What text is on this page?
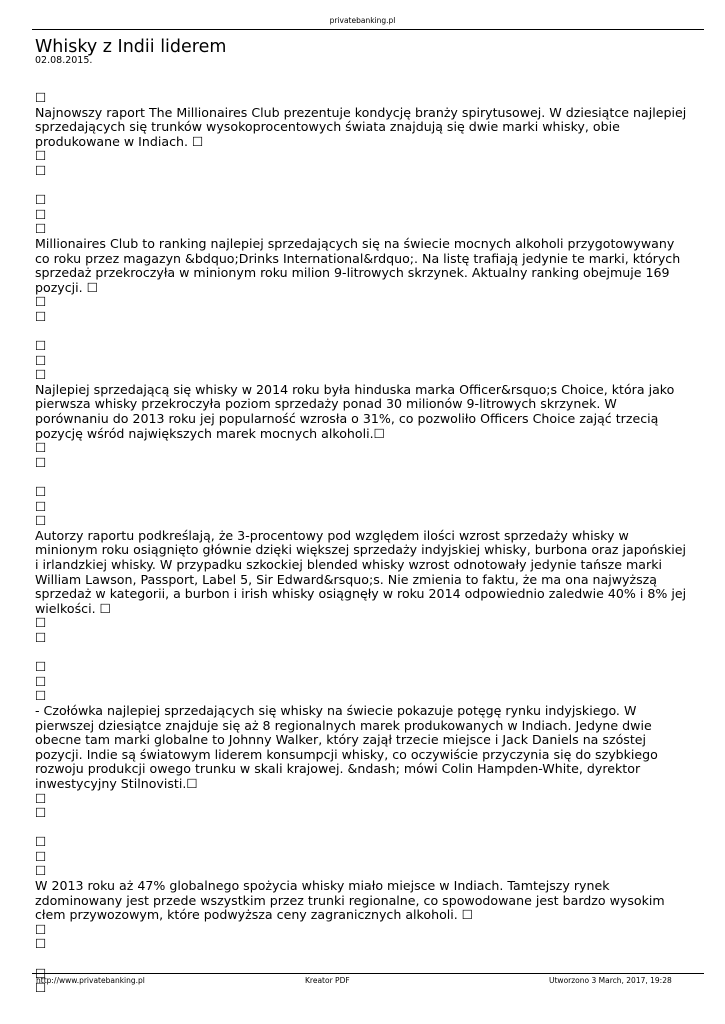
privatebanking.pl
Whisky z Indii liderem
02.08.2015.
☐

Najnowszy raport The Millionaires Club prezentuje kondycję branży spirytusowej. W dziesiątce najlepiej sprzedających się trunków wysokoprocentowych świata znajdują się dwie marki whisky, obie produkowane w Indiach. ☐

☐
☐
☐
☐
☐

Millionaires Club to ranking najlepiej sprzedających się na świecie mocnych alkoholi przygotowywany co roku przez magazyn &bdquo;Drinks International&rdquo;. Na listę trafiają jedynie te marki, których sprzedaż przekroczyła w minionym roku milion 9-litrowych skrzynek. Aktualny ranking obejmuje 169 pozycji. ☐

☐
☐
☐
☐
☐

Najlepiej sprzedającą się whisky w 2014 roku była hinduska marka Officer&rsquo;s Choice, która jako pierwsza whisky przekroczyła poziom sprzedaży ponad 30 milionów 9-litrowych skrzynek. W porównaniu do 2013 roku jej popularność wzrosła o 31%, co pozwoliło Officers Choice zająć trzecią pozycję wśród największych marek mocnych alkoholi.☐

☐
☐
☐
☐
☐

Autorzy raportu podkreślają, że 3-procentowy pod względem ilości wzrost sprzedaży whisky w minionym roku osiągnięto głównie dzięki większej sprzedaży indyjskiej whisky, burbona oraz japońskiej i irlandzkiej whisky. W przypadku szkockiej blended whisky wzrost odnotowały jedynie tańsze marki William Lawson, Passport, Label 5, Sir Edward&rsquo;s. Nie zmienia to faktu, że ma ona najwyższą sprzedaż w kategorii, a burbon i irish whisky osiągnęły w roku 2014 odpowiednio zaledwie 40% i 8% jej wielkości. ☐

☐
☐
☐
☐
☐

- Czołówka najlepiej sprzedających się whisky na świecie pokazuje potęgę rynku indyjskiego. W pierwszej dziesiątce znajduje się aż 8 regionalnych marek produkowanych w Indiach. Jedyne dwie obecne tam marki globalne to Johnny Walker, który zajął trzecie miejsce i Jack Daniels na szóstej pozycji. Indie są światowym liderem konsumpcji whisky, co oczywiście przyczynia się do szybkiego rozwoju produkcji owego trunku w skali krajowej. &ndash; mówi Colin Hampden-White, dyrektor inwestycyjny Stilnovisti.☐

☐
☐
☐
☐
☐

W 2013 roku aż 47% globalnego spożycia whisky miało miejsce w Indiach. Tamtejszy rynek zdominowany jest przede wszystkim przez trunki regionalne, co spowodowane jest bardzo wysokim cłem przywozowym, które podwyższa ceny zagranicznych alkoholi. ☐

☐
☐
☐
☐
http://www.privatebanking.pl	Kreator PDF	Utworzono 3 March, 2017, 19:28
